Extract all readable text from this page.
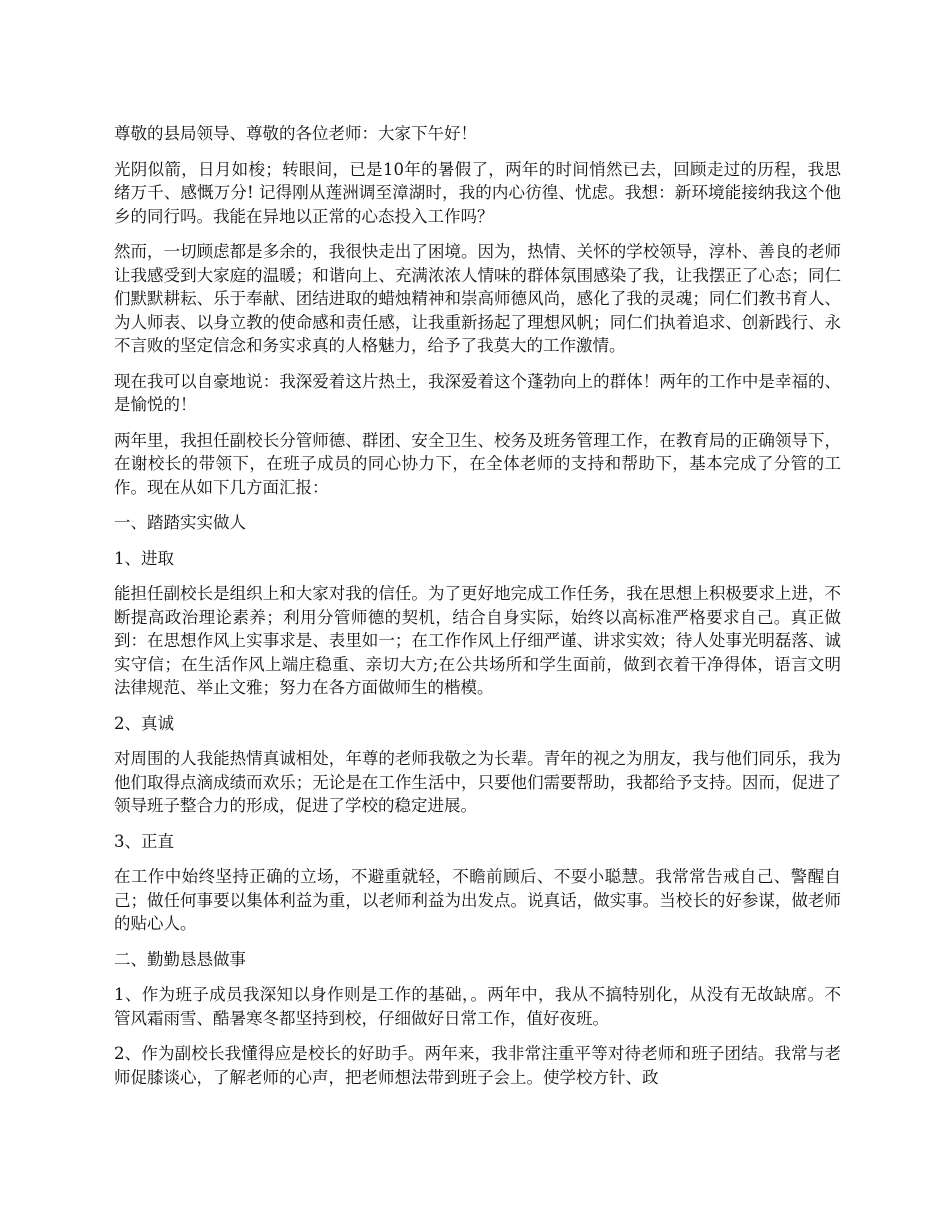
尊敬的县局领导、尊敬的各位老师：大家下午好！

光阴似箭，日月如梭；转眼间，已是10年的暑假了，两年的时间悄然已去，回顾走过的历程，我思绪万千、感慨万分! 记得刚从莲洲调至漳湖时，我的内心彷徨、忧虑。我想：新环境能接纳我这个他乡的同行吗。我能在异地以正常的心态投入工作吗？

然而，一切顾虑都是多余的，我很快走出了困境。因为，热情、关怀的学校领导，淳朴、善良的老师让我感受到大家庭的温暖；和谐向上、充满浓浓人情味的群体氛围感染了我，让我摆正了心态；同仁们默默耕耘、乐于奉献、团结进取的蜡烛精神和崇高师德风尚，感化了我的灵魂；同仁们教书育人、为人师表、以身立教的使命感和责任感，让我重新扬起了理想风帆；同仁们执着追求、创新践行、永不言败的坚定信念和务实求真的人格魅力，给予了我莫大的工作激情。

现在我可以自豪地说：我深爱着这片热土，我深爱着这个蓬勃向上的群体！两年的工作中是幸福的、是愉悦的！

两年里，我担任副校长分管师德、群团、安全卫生、校务及班务管理工作，在教育局的正确领导下，在谢校长的带领下，在班子成员的同心协力下，在全体老师的支持和帮助下，基本完成了分管的工作。现在从如下几方面汇报：

一、踏踏实实做人

1、进取

能担任副校长是组织上和大家对我的信任。为了更好地完成工作任务，我在思想上积极要求上进，不断提高政治理论素养；利用分管师德的契机，结合自身实际，始终以高标准严格要求自己。真正做到：在思想作风上实事求是、表里如一；在工作作风上仔细严谨、讲求实效；待人处事光明磊落、诚实守信；在生活作风上端庄稳重、亲切大方;在公共场所和学生面前，做到衣着干净得体，语言文明法律规范、举止文雅；努力在各方面做师生的楷模。

2、真诚

对周围的人我能热情真诚相处，年尊的老师我敬之为长辈。青年的视之为朋友，我与他们同乐，我为他们取得点滴成绩而欢乐；无论是在工作生活中，只要他们需要帮助，我都给予支持。因而，促进了领导班子整合力的形成，促进了学校的稳定进展。

3、正直

在工作中始终坚持正确的立场，不避重就轻，不瞻前顾后、不耍小聪慧。我常常告戒自己、警醒自己；做任何事要以集体利益为重，以老师利益为出发点。说真话，做实事。当校长的好参谋，做老师的贴心人。

二、勤勤恳恳做事

1、作为班子成员我深知以身作则是工作的基础，。两年中，我从不搞特别化，从没有无故缺席。不管风霜雨雪、酷暑寒冬都坚持到校，仔细做好日常工作，值好夜班。

2、作为副校长我懂得应是校长的好助手。两年来，我非常注重平等对待老师和班子团结。我常与老师促膝谈心，了解老师的心声，把老师想法带到班子会上。使学校方针、政
